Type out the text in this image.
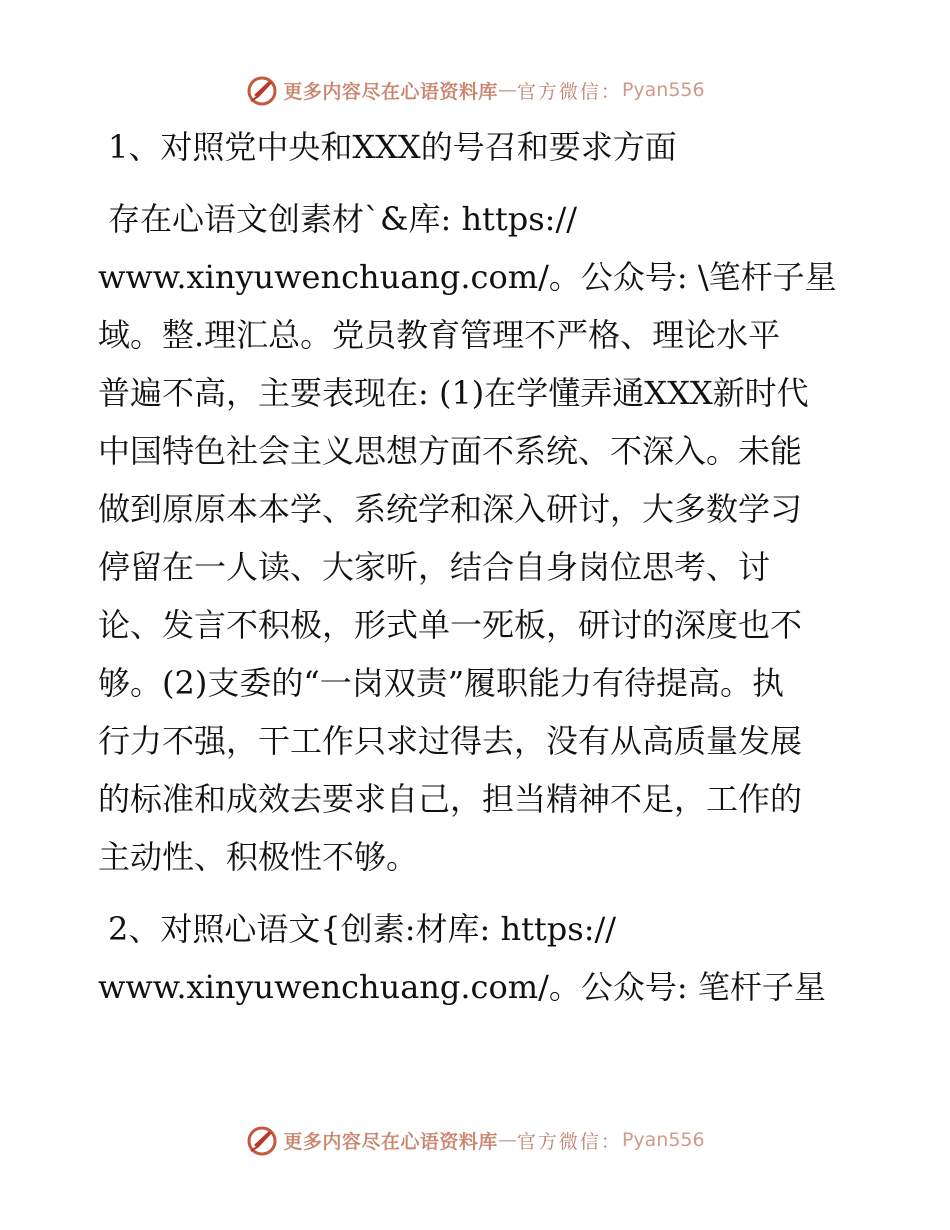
更多内容尽在心语资料库 — 官方微信： Pyan556

1、对照党中央和XXX的号召和要求方面

存在心语文创素材`&库: https://
www.xinyuwenchuang.com/。公众号: \笔杆子星
域。整.理汇总。党员教育管理不严格、理论水平
普遍不高，主要表现在: (1)在学懂弄通XXX新时代
中国特色社会主义思想方面不系统、不深入。未能
做到原原本本学、系统学和深入研讨，大多数学习
停留在一人读、大家听，结合自身岗位思考、讨
论、发言不积极，形式单一死板，研讨的深度也不
够。(2)支委的“一岗双责”履职能力有待提高。执
行力不强，干工作只求过得去，没有从高质量发展
的标准和成效去要求自己，担当精神不足，工作的
主动性、积极性不够。
2、对照心语文{创素:材库: https://
www.xinyuwenchuang.com/。公众号: 笔杆子星
更多内容尽在心语资料库 — 官方微信： Pyan556
